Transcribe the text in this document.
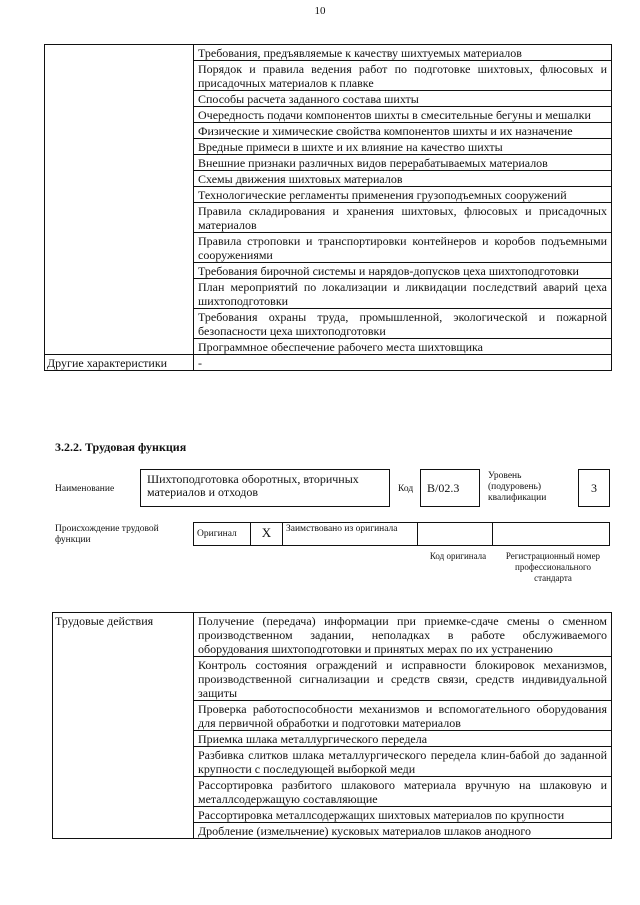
10
	Требования, предъявляемые к качеству шихтуемых материалов
	Порядок и правила ведения работ по подготовке шихтовых, флюсовых и присадочных материалов к плавке
	Способы расчета заданного состава шихты
	Очередность подачи компонентов шихты в смесительные бегуны и мешалки
	Физические и химические свойства компонентов шихты и их назначение
	Вредные примеси в шихте и их влияние на качество шихты
	Внешние признаки различных видов перерабатываемых материалов
	Схемы движения шихтовых материалов
	Технологические регламенты применения грузоподъемных сооружений
	Правила складирования и хранения шихтовых, флюсовых и присадочных материалов
	Правила строповки и транспортировки контейнеров и коробов подъемными сооружениями
	Требования бирочной системы и нарядов-допусков цеха шихтоподготовки
	План мероприятий по локализации и ликвидации последствий аварий цеха шихтоподготовки
	Требования охраны труда, промышленной, экологической и пожарной безопасности цеха шихтоподготовки
	Программное обеспечение рабочего места шихтовщика
Другие характеристики	-
3.2.2. Трудовая функция
Наименование
Шихтоподготовка оборотных, вторичных материалов и отходов	Код	B/02.3
Уровень (подуровень) квалификации
3
Происхождение трудовой функции
Оригинал	X	Заимствовано из оригинала
Код оригинала	Регистрационный номер профессионального стандарта
Трудовые действия	Получение (передача) информации при приемке-сдаче смены о сменном производственном задании, неполадках в работе обслуживаемого оборудования шихтоподготовки и принятых мерах по их устранению
Контроль состояния ограждений и исправности блокировок механизмов, производственной сигнализации и средств связи, средств индивидуальной защиты
Проверка работоспособности механизмов и вспомогательного оборудования для первичной обработки и подготовки материалов
Приемка шлака металлургического передела
Разбивка слитков шлака металлургического передела клин-бабой до заданной крупности с последующей выборкой меди
Рассортировка разбитого шлакового материала вручную на шлаковую и металлсодержащую составляющие
Рассортировка металлсодержащих шихтовых материалов по крупности
Дробление (измельчение) кусковых материалов шлаков анодного
